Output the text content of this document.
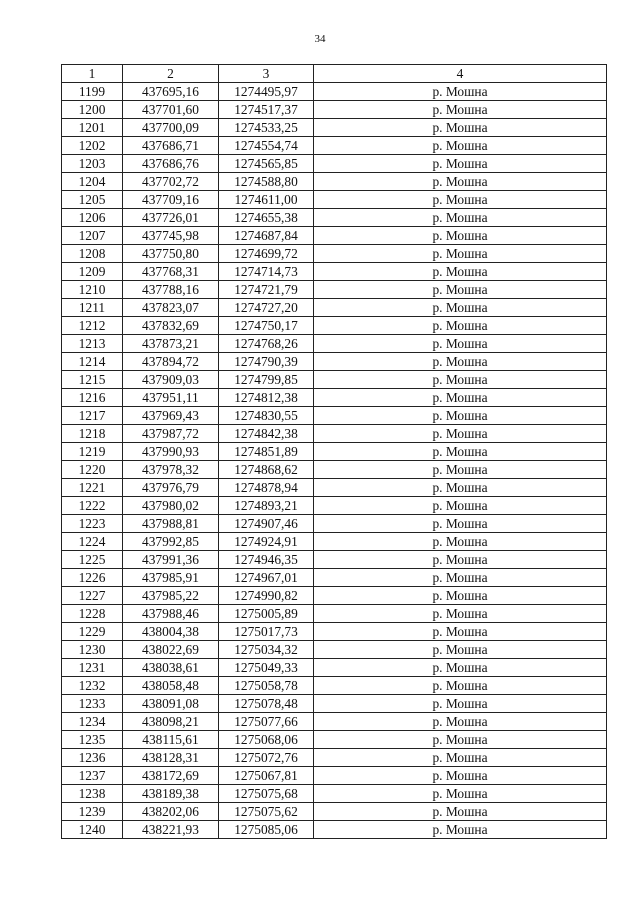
34
1	2	3	4
1199	437695,16	1274495,97	р. Мошна
1200	437701,60	1274517,37	р. Мошна
1201	437700,09	1274533,25	р. Мошна
1202	437686,71	1274554,74	р. Мошна
1203	437686,76	1274565,85	р. Мошна
1204	437702,72	1274588,80	р. Мошна
1205	437709,16	1274611,00	р. Мошна
1206	437726,01	1274655,38	р. Мошна
1207	437745,98	1274687,84	р. Мошна
1208	437750,80	1274699,72	р. Мошна
1209	437768,31	1274714,73	р. Мошна
1210	437788,16	1274721,79	р. Мошна
1211	437823,07	1274727,20	р. Мошна
1212	437832,69	1274750,17	р. Мошна
1213	437873,21	1274768,26	р. Мошна
1214	437894,72	1274790,39	р. Мошна
1215	437909,03	1274799,85	р. Мошна
1216	437951,11	1274812,38	р. Мошна
1217	437969,43	1274830,55	р. Мошна
1218	437987,72	1274842,38	р. Мошна
1219	437990,93	1274851,89	р. Мошна
1220	437978,32	1274868,62	р. Мошна
1221	437976,79	1274878,94	р. Мошна
1222	437980,02	1274893,21	р. Мошна
1223	437988,81	1274907,46	р. Мошна
1224	437992,85	1274924,91	р. Мошна
1225	437991,36	1274946,35	р. Мошна
1226	437985,91	1274967,01	р. Мошна
1227	437985,22	1274990,82	р. Мошна
1228	437988,46	1275005,89	р. Мошна
1229	438004,38	1275017,73	р. Мошна
1230	438022,69	1275034,32	р. Мошна
1231	438038,61	1275049,33	р. Мошна
1232	438058,48	1275058,78	р. Мошна
1233	438091,08	1275078,48	р. Мошна
1234	438098,21	1275077,66	р. Мошна
1235	438115,61	1275068,06	р. Мошна
1236	438128,31	1275072,76	р. Мошна
1237	438172,69	1275067,81	р. Мошна
1238	438189,38	1275075,68	р. Мошна
1239	438202,06	1275075,62	р. Мошна
1240	438221,93	1275085,06	р. Мошна
